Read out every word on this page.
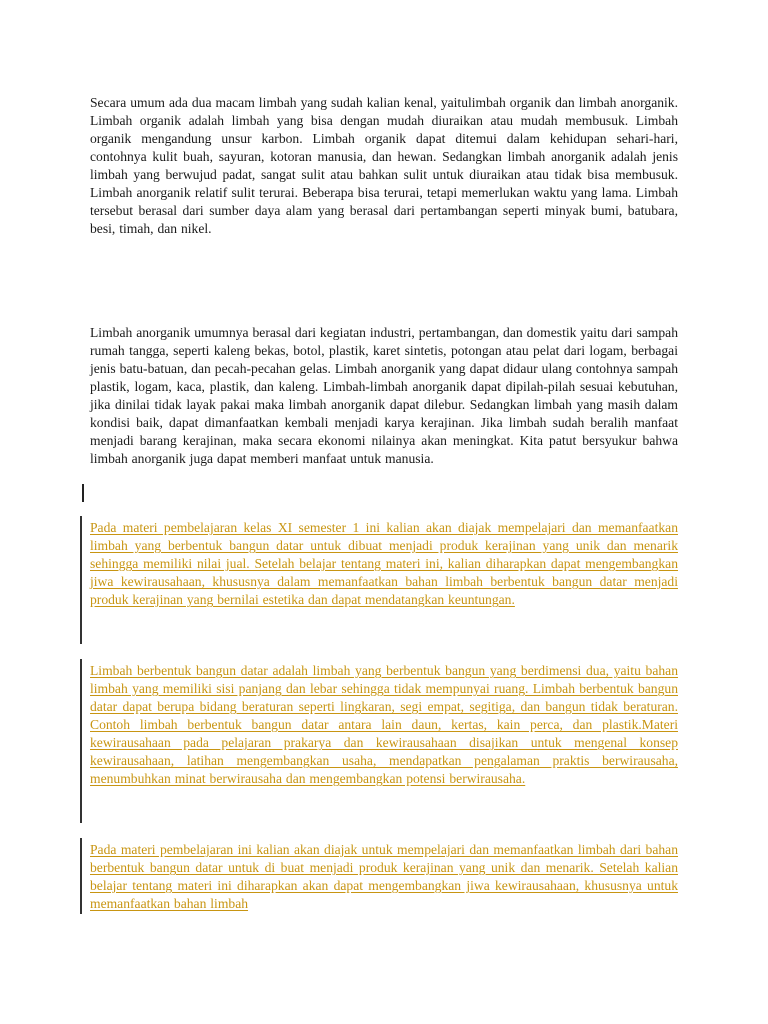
Secara umum ada dua macam limbah yang sudah kalian kenal, yaitulimbah organik dan limbah anorganik. Limbah organik adalah limbah yang bisa dengan mudah diuraikan atau mudah membusuk. Limbah organik mengandung unsur karbon. Limbah organik dapat ditemui dalam kehidupan sehari-hari, contohnya kulit buah, sayuran, kotoran manusia, dan hewan. Sedangkan limbah anorganik adalah jenis limbah yang berwujud padat, sangat sulit atau bahkan sulit untuk diuraikan atau tidak bisa membusuk. Limbah anorganik relatif sulit terurai. Beberapa bisa terurai, tetapi memerlukan waktu yang lama. Limbah tersebut berasal dari sumber daya alam yang berasal dari pertambangan seperti minyak bumi, batubara, besi, timah, dan nikel.

Limbah anorganik umumnya berasal dari kegiatan industri, pertambangan, dan domestik yaitu dari sampah rumah tangga, seperti kaleng bekas, botol, plastik, karet sintetis, potongan atau pelat dari logam, berbagai jenis batu-batuan, dan pecah-pecahan gelas. Limbah anorganik yang dapat didaur ulang contohnya sampah plastik, logam, kaca, plastik, dan kaleng. Limbah-limbah anorganik dapat dipilah-pilah sesuai kebutuhan, jika dinilai tidak layak pakai maka limbah anorganik dapat dilebur. Sedangkan limbah yang masih dalam kondisi baik, dapat dimanfaatkan kembali menjadi karya kerajinan. Jika limbah sudah beralih manfaat menjadi barang kerajinan, maka secara ekonomi nilainya akan meningkat. Kita patut bersyukur bahwa limbah anorganik juga dapat memberi manfaat untuk manusia.

Pada materi pembelajaran kelas XI semester 1 ini kalian akan diajak mempelajari dan memanfaatkan limbah yang berbentuk bangun datar untuk dibuat menjadi produk kerajinan yang unik dan menarik sehingga memiliki nilai jual. Setelah belajar tentang materi ini, kalian diharapkan dapat mengembangkan jiwa kewirausahaan, khususnya dalam memanfaatkan bahan limbah berbentuk bangun datar menjadi produk kerajinan yang bernilai estetika dan dapat mendatangkan keuntungan.

Limbah berbentuk bangun datar adalah limbah yang berbentuk bangun yang berdimensi dua, yaitu bahan limbah yang memiliki sisi panjang dan lebar sehingga tidak mempunyai ruang. Limbah berbentuk bangun datar dapat berupa bidang beraturan seperti lingkaran, segi empat, segitiga, dan bangun tidak beraturan. Contoh limbah berbentuk bangun datar antara lain daun, kertas, kain perca, dan plastik.Materi kewirausahaan pada pelajaran prakarya dan kewirausahaan disajikan untuk mengenal konsep kewirausahaan, latihan mengembangkan usaha, mendapatkan pengalaman praktis berwirausaha, menumbuhkan minat berwirausaha dan mengembangkan potensi berwirausaha.

Pada materi pembelajaran ini kalian akan diajak untuk mempelajari dan memanfaatkan limbah dari bahan berbentuk bangun datar untuk di buat menjadi produk kerajinan yang unik dan menarik. Setelah kalian belajar tentang materi ini diharapkan akan dapat mengembangkan jiwa kewirausahaan, khususnya untuk memanfaatkan bahan limbah
